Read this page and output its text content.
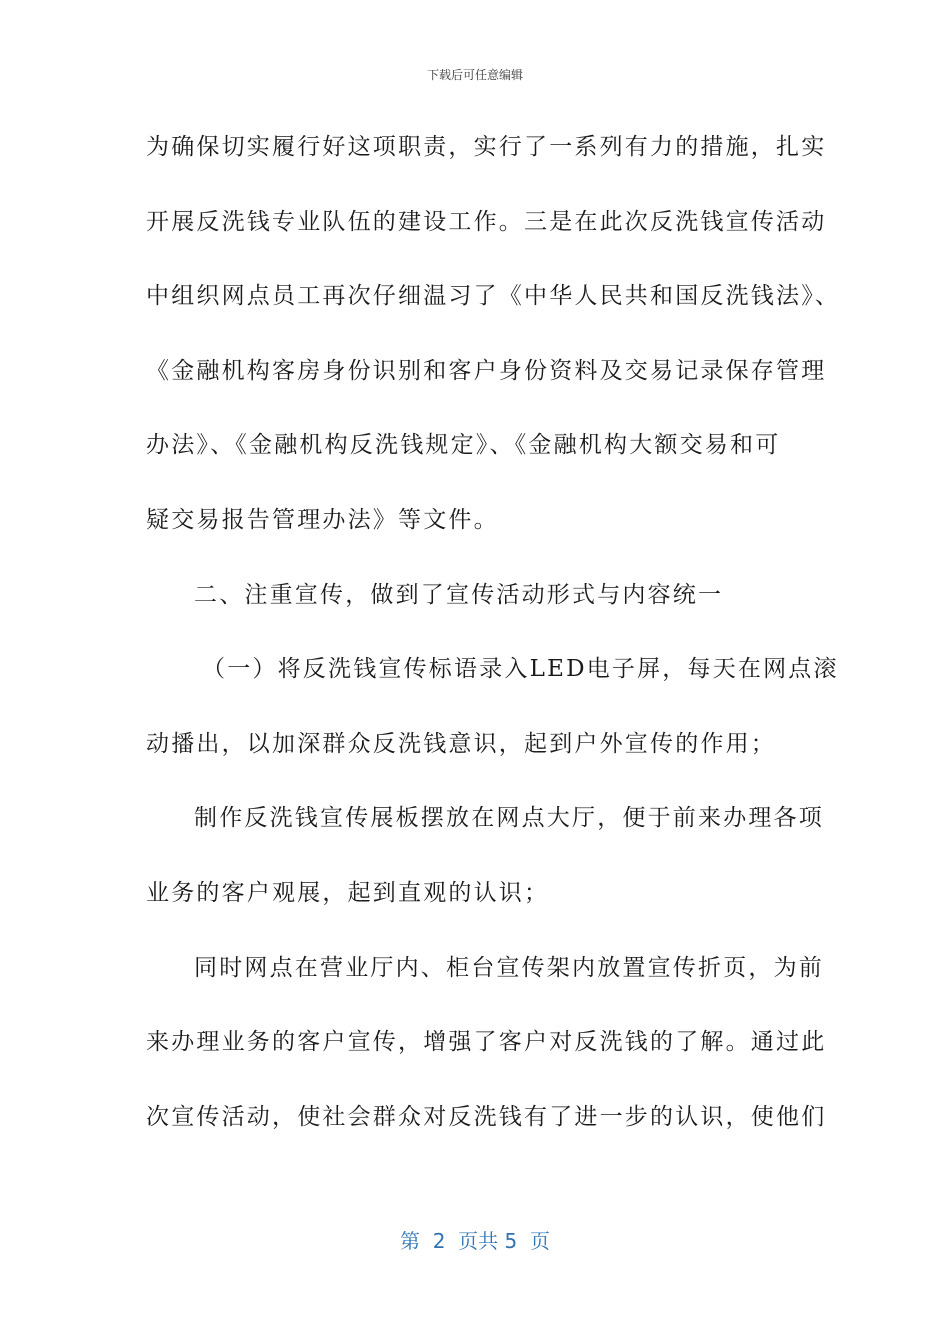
下载后可任意编辑
为确保切实履行好这项职责，实行了一系列有力的措施，扎实
开展反洗钱专业队伍的建设工作。三是在此次反洗钱宣传活动
中组织网点员工再次仔细温习了《中华人民共和国反洗钱法》、
《金融机构客房身份识别和客户身份资料及交易记录保存管理
办法》、《金融机构反洗钱规定》、《金融机构大额交易和可
疑交易报告管理办法》等文件。
二、注重宣传，做到了宣传活动形式与内容统一
（一）将反洗钱宣传标语录入LED电子屏，每天在网点滚
动播出，以加深群众反洗钱意识，起到户外宣传的作用；
制作反洗钱宣传展板摆放在网点大厅，便于前来办理各项
业务的客户观展，起到直观的认识；
同时网点在营业厅内、柜台宣传架内放置宣传折页，为前
来办理业务的客户宣传，增强了客户对反洗钱的了解。通过此
次宣传活动，使社会群众对反洗钱有了进一步的认识，使他们
第  2  页共 5  页
